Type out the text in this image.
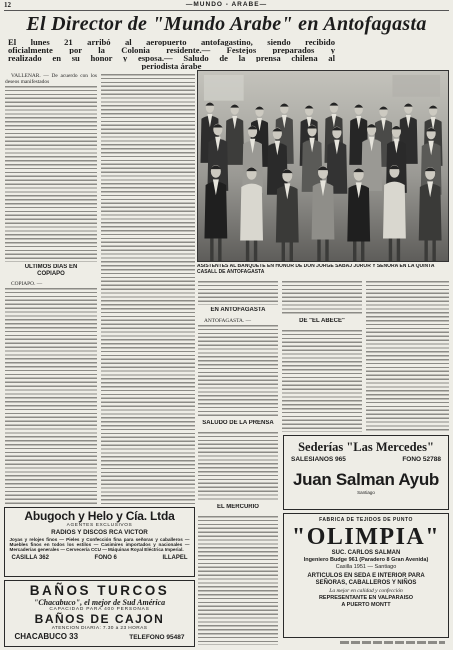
12	—MUNDO - ARABE—
El Director de "Mundo Arabe" en Antofagasta
El lunes 21 arribó al aeropuerto antofagastino, siendo recibido
oficialmente por la Colonia residente.— Festejos preparados y
realizado en su honor y esposa.— Saludo de la prensa chilena al
periodista árabe
ASISTENTES AL BANQUETE EN HONOR DE DON JORGE SABAJ JUROR Y SEÑORA EN LA QUINTA CASALL DE ANTOFAGASTA
VALLENAR. — De acuerdo con los deseos manifestados
ULTIMOS DIAS EN COPIAPO
COPIAPO. —
EN ANTOFAGASTA
ANTOFAGASTA. —
SALUDO DE LA PRENSA
EL MERCURIO
DE "EL ABECE"
Abugoch y Helo y Cía. Ltda
AGENTES EXCLUSIVOS
RADIOS Y DISCOS RCA VICTOR
Joyas y relojes finos — Pieles y Confección fina para señoras y caballeros — Muebles finos en todos los estilos — Casimires importados y nacionales — Mercaderías generales — Cervecería CCU — Máquinas Royal Eléctrica Imperial.
CASILLA 362	FONO 6	ILLAPEL
BAÑOS TURCOS
"Chacabuco", el mejor de Sud América
CAPACIDAD PARA 400 PERSONAS
BAÑOS DE CAJON
ATENCION DIARIA: 7.30 a 23 HORAS
CHACABUCO 33	TELEFONO 95487
Sederías "Las Mercedes"
SALESIANOS 965	FONO 52788
Juan Salman Ayub
Santiago
FABRICA DE TEJIDOS DE PUNTO
"OLIMPIA"
SUC. CARLOS SALMAN
Ingeniero Budge 961 (Paradero 8 Gran Avenida)
Casilla 1951 — Santiago
ARTICULOS EN SEDA E INTERIOR PARA SEÑORAS, CABALLEROS Y NIÑOS
La mejor en calidad y confección
REPRESENTANTE EN VALPARAISO
A PUERTO MONTT
